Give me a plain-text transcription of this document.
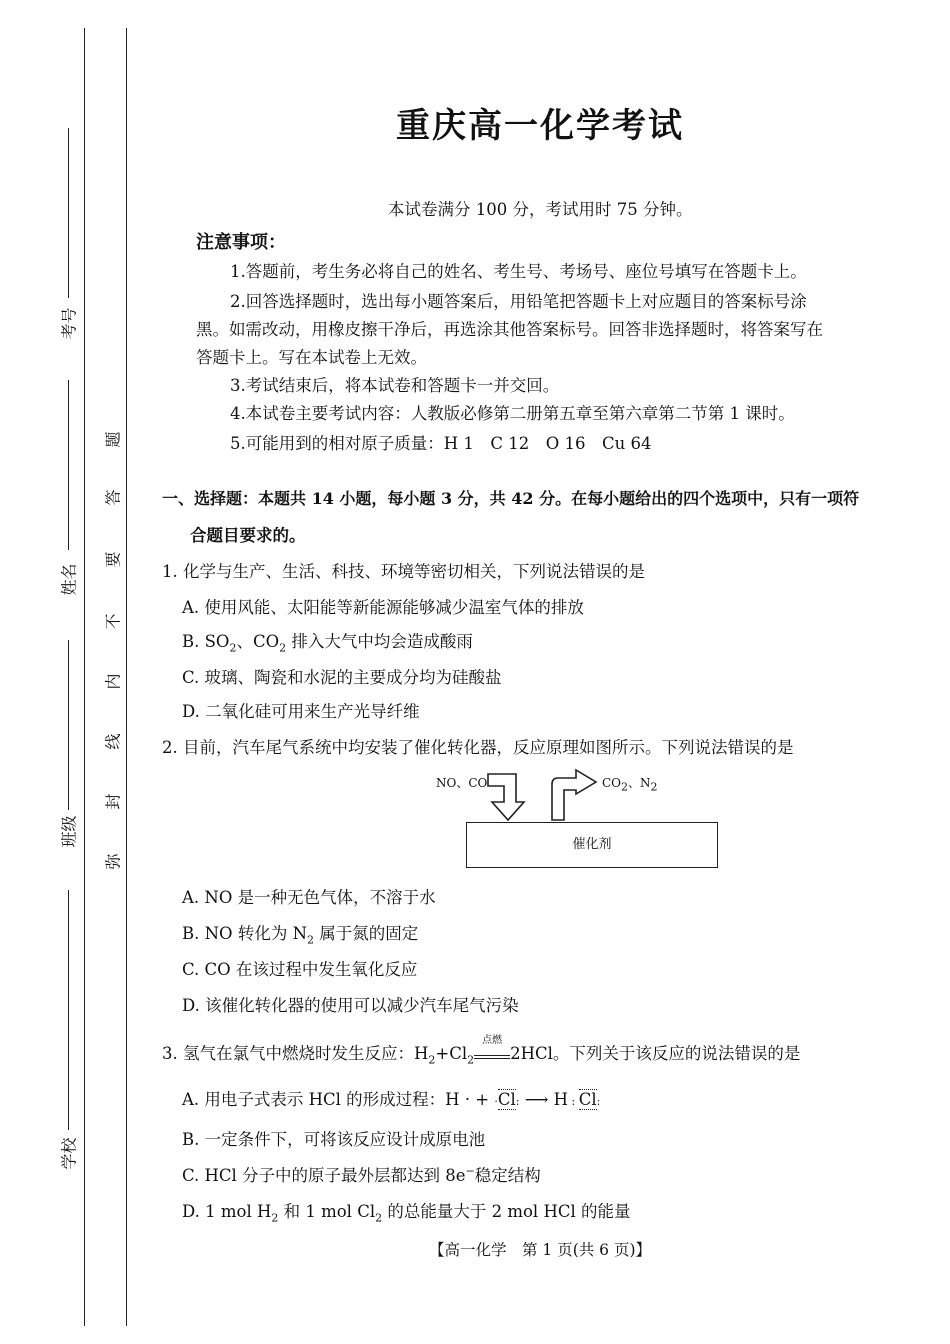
考号
姓名
班级
学校
题
答
要
不
内
线
封
弥
重庆高一化学考试
本试卷满分 100 分，考试用时 75 分钟。
注意事项：
1.答题前，考生务必将自己的姓名、考生号、考场号、座位号填写在答题卡上。
2.回答选择题时，选出每小题答案后，用铅笔把答题卡上对应题目的答案标号涂
黑。如需改动，用橡皮擦干净后，再选涂其他答案标号。回答非选择题时，将答案写在
答题卡上。写在本试卷上无效。
3.考试结束后，将本试卷和答题卡一并交回。
4.本试卷主要考试内容：人教版必修第二册第五章至第六章第二节第 1 课时。
5.可能用到的相对原子质量：H 1　C 12　O 16　Cu 64
一、选择题：本题共 14 小题，每小题 3 分，共 42 分。在每小题给出的四个选项中，只有一项符
合题目要求的。
1. 化学与生产、生活、科技、环境等密切相关，下列说法错误的是
A. 使用风能、太阳能等新能源能够减少温室气体的排放
B. $SO_2$、$CO_2$ 排入大气中均会造成酸雨
C. 玻璃、陶瓷和水泥的主要成分均为硅酸盐
D. 二氧化硅可用来生产光导纤维
2. 目前，汽车尾气系统中均安装了催化转化器，反应原理如图所示。下列说法错误的是
NO、CO	$CO_2$、$N_2$
催化剂
A. NO 是一种无色气体，不溶于水
B. NO 转化为 $N_2$ 属于氮的固定
C. CO 在该过程中发生氧化反应
D. 该催化转化器的使用可以减少汽车尾气污染
3. 氢气在氯气中燃烧时发生反应：$H_2+Cl_2$
点燃
2HCl。下列关于该反应的说法错误的是
A. 用电子式表示 HCl 的形成过程：H · + ·Cl: ⟶ H : Cl:
B. 一定条件下，可将该反应设计成原电池
C. HCl 分子中的原子最外层都达到 8e−稳定结构
D. 1 mol $H_2$ 和 1 mol $Cl_2$ 的总能量大于 2 mol HCl 的能量
【高一化学　第 1 页(共 6 页)】
